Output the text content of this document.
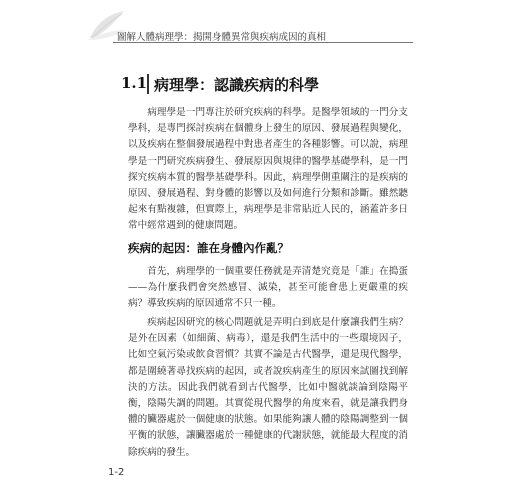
圖解人體病理學：揭開身體異常與疾病成因的真相
1.1 病理學：認識疾病的科學

病理學是一門專注於研究疾病的科學。是醫學領域的一門分支學科，是專門探討疾病在個體身上發生的原因、發展過程與變化，以及疾病在整個發展過程中對患者產生的各種影響。可以說，病理學是一門研究疾病發生、發展原因與規律的醫學基礎學科，是一門探究疾病本質的醫學基礎學科。因此，病理學側重關注的是疾病的原因、發展過程、對身體的影響以及如何進行分類和診斷。雖然聽起來有點複雜，但實際上，病理學是非常貼近人民的，涵蓋許多日常中經常遇到的健康問題。

疾病的起因：誰在身體內作亂？

首先，病理學的一個重要任務就是弄清楚究竟是「誰」在搗蛋——為什麼我們會突然感冒、滅染，甚至可能會患上更嚴重的疾病？導致疾病的原因通常不只一種。

疾病起因研究的核心問題就是弄明白到底是什麼讓我們生病？是外在因素（如細菌、病毒），還是我們生活中的一些環境因子，比如空氣污染或飲食習慣？其實不論是古代醫學，還是現代醫學，都是圍繞著尋找疾病的起因，或者說疾病產生的原因來試圖找到解決的方法。因此我們就看到古代醫學，比如中醫就談論到陰陽平衡，陰陽失調的問題。其實從現代醫學的角度來看，就是讓我們身體的臟器處於一個健康的狀態。如果能夠讓人體的陰陽調整到一個平衡的狀態，讓臟器處於一種健康的代謝狀態，就能最大程度的消除疾病的發生。

1-2
